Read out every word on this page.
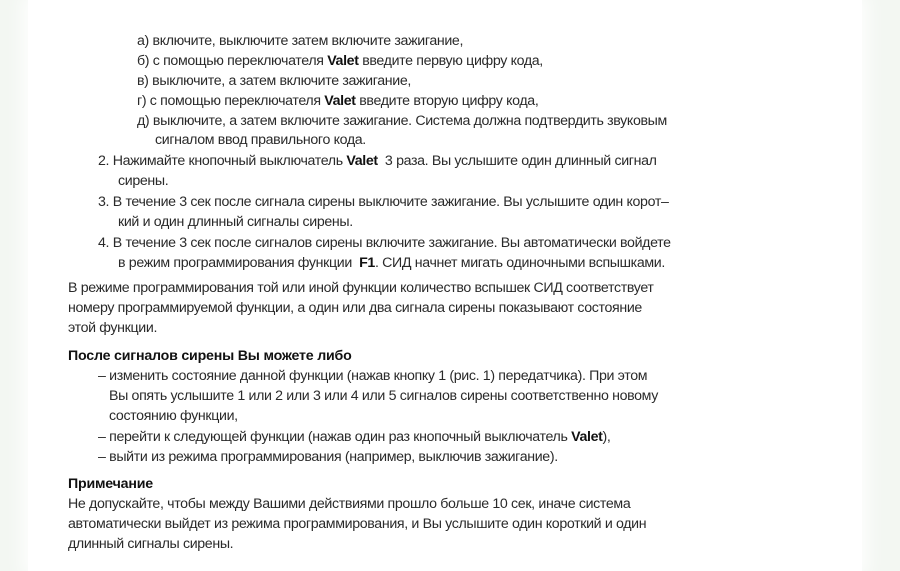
а) включите, выключите затем включите зажигание,
б) с помощью переключателя Valet введите первую цифру кода,
в) выключите, а затем включите зажигание,
г) с помощью переключателя Valet введите вторую цифру кода,
д) выключите, а затем включите зажигание. Система должна подтвердить звуковым
сигналом ввод правильного кода.
2. Нажимайте кнопочный выключатель Valet  3 раза. Вы услышите один длинный сигнал
сирены.
3. В течение 3 сек после сигнала сирены выключите зажигание. Вы услышите один корот–
кий и один длинный сигналы сирены.
4. В течение 3 сек после сигналов сирены включите зажигание. Вы автоматически войдете
в режим программирования функции  F1. СИД начнет мигать одиночными вспышками.
В режиме программирования той или иной функции количество вспышек СИД соответствует
номеру программируемой функции, а один или два сигнала сирены показывают состояние
этой функции.
После сигналов сирены Вы можете либо
– изменить состояние данной функции (нажав кнопку 1 (рис. 1) передатчика). При этом
Вы опять услышите 1 или 2 или 3 или 4 или 5 сигналов сирены соответственно новому
состоянию функции,
– перейти к следующей функции (нажав один раз кнопочный выключатель Valet),
– выйти из режима программирования (например, выключив зажигание).
Примечание
Не допускайте, чтобы между Вашими действиями прошло больше 10 сек, иначе система
автоматически выйдет из режима программирования, и Вы услышите один короткий и один
длинный сигналы сирены.
